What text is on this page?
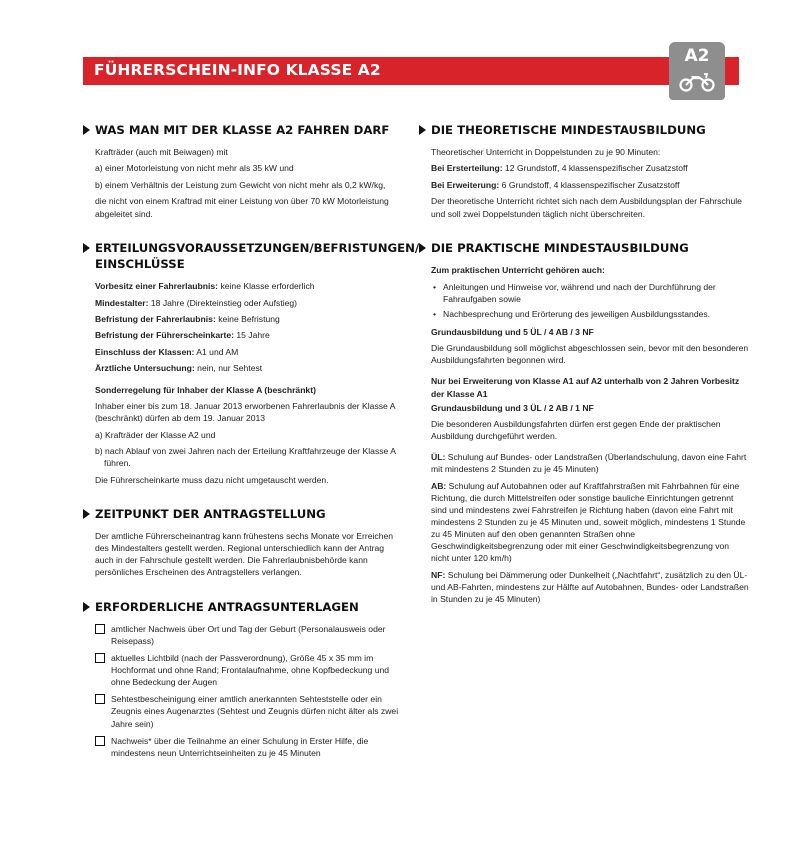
FÜHRERSCHEIN-INFO KLASSE A2
A2
WAS MAN MIT DER KLASSE A2 FAHREN DARF

Krafträder (auch mit Beiwagen) mit

a) einer Motorleistung von nicht mehr als 35 kW und

b) einem Verhältnis der Leistung zum Gewicht von nicht mehr als 0,2 kW/kg,

die nicht von einem Kraftrad mit einer Leistung von über 70 kW Motorleistung abgeleitet sind.

ERTEILUNGSVORAUSSETZUNGEN/BEFRISTUNGEN/ EINSCHLÜSSE

Vorbesitz einer Fahrerlaubnis: keine Klasse erforderlich

Mindestalter: 18 Jahre (Direkteinstieg oder Aufstieg)

Befristung der Fahrerlaubnis: keine Befristung

Befristung der Führerscheinkarte: 15 Jahre

Einschluss der Klassen: A1 und AM

Ärztliche Untersuchung: nein, nur Sehtest

Sonderregelung für Inhaber der Klasse A (beschränkt)

Inhaber einer bis zum 18. Januar 2013 erworbenen Fahrerlaubnis der Klasse A (beschränkt) dürfen ab dem 19. Januar 2013

a) Krafträder der Klasse A2 und

b) nach Ablauf von zwei Jahren nach der Erteilung Kraftfahrzeuge der Klasse A führen.

Die Führerscheinkarte muss dazu nicht umgetauscht werden.

ZEITPUNKT DER ANTRAGSTELLUNG

Der amtliche Führerscheinantrag kann frühestens sechs Monate vor Erreichen des Mindestalters gestellt werden. Regional unterschiedlich kann der Antrag auch in der Fahrschule gestellt werden. Die Fahrerlaubnisbehörde kann persönliches Erscheinen des Antragstellers verlangen.

ERFORDERLICHE ANTRAGSUNTERLAGEN
amtlicher Nachweis über Ort und Tag der Geburt (Personalausweis oder Reisepass)
aktuelles Lichtbild (nach der Passverordnung), Größe 45 x 35 mm im Hochformat und ohne Rand; Frontalaufnahme, ohne Kopfbedeckung und ohne Bedeckung der Augen
Sehtestbescheinigung einer amtlich anerkannten Sehteststelle oder ein Zeugnis eines Augenarztes (Sehtest und Zeugnis dürfen nicht älter als zwei Jahre sein)
Nachweis* über die Teilnahme an einer Schulung in Erster Hilfe, die mindestens neun Unterrichtseinheiten zu je 45 Minuten
DIE THEORETISCHE MINDESTAUSBILDUNG

Theoretischer Unterricht in Doppelstunden zu je 90 Minuten:

Bei Ersterteilung: 12 Grundstoff, 4 klassenspezifischer Zusatzstoff

Bei Erweiterung: 6 Grundstoff, 4 klassenspezifischer Zusatzstoff

Der theoretische Unterricht richtet sich nach dem Ausbildungsplan der Fahrschule und soll zwei Doppelstunden täglich nicht überschreiten.

DIE PRAKTISCHE MINDESTAUSBILDUNG

Zum praktischen Unterricht gehören auch:

• Anleitungen und Hinweise vor, während und nach der Durchführung der Fahraufgaben sowie
• Nachbesprechung und Erörterung des jeweiligen Ausbildungsstandes.

Grundausbildung und 5 ÜL / 4 AB / 3 NF

Die Grundausbildung soll möglichst abgeschlossen sein, bevor mit den besonderen Ausbildungsfahrten begonnen wird.

Nur bei Erweiterung von Klasse A1 auf A2 unterhalb von 2 Jahren Vorbesitz der Klasse A1

Grundausbildung und 3 ÜL / 2 AB / 1 NF

Die besonderen Ausbildungsfahrten dürfen erst gegen Ende der praktischen Ausbildung durchgeführt werden.

ÜL: Schulung auf Bundes- oder Landstraßen (Überlandschulung, davon eine Fahrt mit mindestens 2 Stunden zu je 45 Minuten)

AB: Schulung auf Autobahnen oder auf Kraftfahrstraßen mit Fahrbahnen für eine Richtung, die durch Mittelstreifen oder sonstige bauliche Einrichtungen getrennt sind und mindestens zwei Fahrstreifen je Richtung haben (davon eine Fahrt mit mindestens 2 Stunden zu je 45 Minuten und, soweit möglich, mindestens 1 Stunde zu 45 Minuten auf den oben genannten Straßen ohne Geschwindigkeitsbegrenzung oder mit einer Geschwindigkeitsbegrenzung von nicht unter 120 km/h)

NF: Schulung bei Dämmerung oder Dunkelheit („Nachtfahrt“, zusätzlich zu den ÜL- und AB-Fahrten, mindestens zur Hälfte auf Autobahnen, Bundes- oder Landstraßen in Stunden zu je 45 Minuten)
